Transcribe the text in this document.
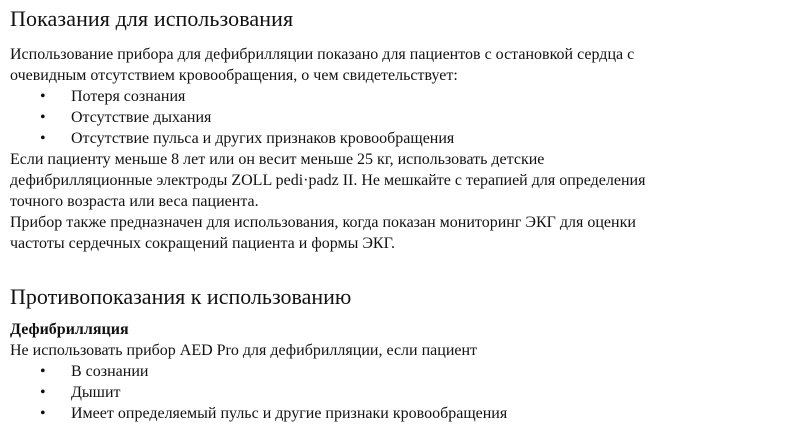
Показания для использования

Использование прибора для дефибрилляции показано для пациентов с остановкой сердца с

очевидным отсутствием кровообращения, о чем свидетельствует:

• Потеря сознания
• Отсутствие дыхания
• Отсутствие пульса и других признаков кровообращения

Если пациенту меньше 8 лет или он весит меньше 25 кг, использовать детские

дефибрилляционные электроды ZOLL pedi·padz II. Не мешкайте с терапией для определения

точного возраста или веса пациента.

Прибор также предназначен для использования, когда показан мониторинг ЭКГ для оценки

частоты сердечных сокращений пациента и формы ЭКГ.

Противопоказания к использованию
Дефибрилляция

Не использовать прибор AED Pro для дефибрилляции, если пациент

• В сознании
• Дышит
• Имеет определяемый пульс и другие признаки кровообращения
